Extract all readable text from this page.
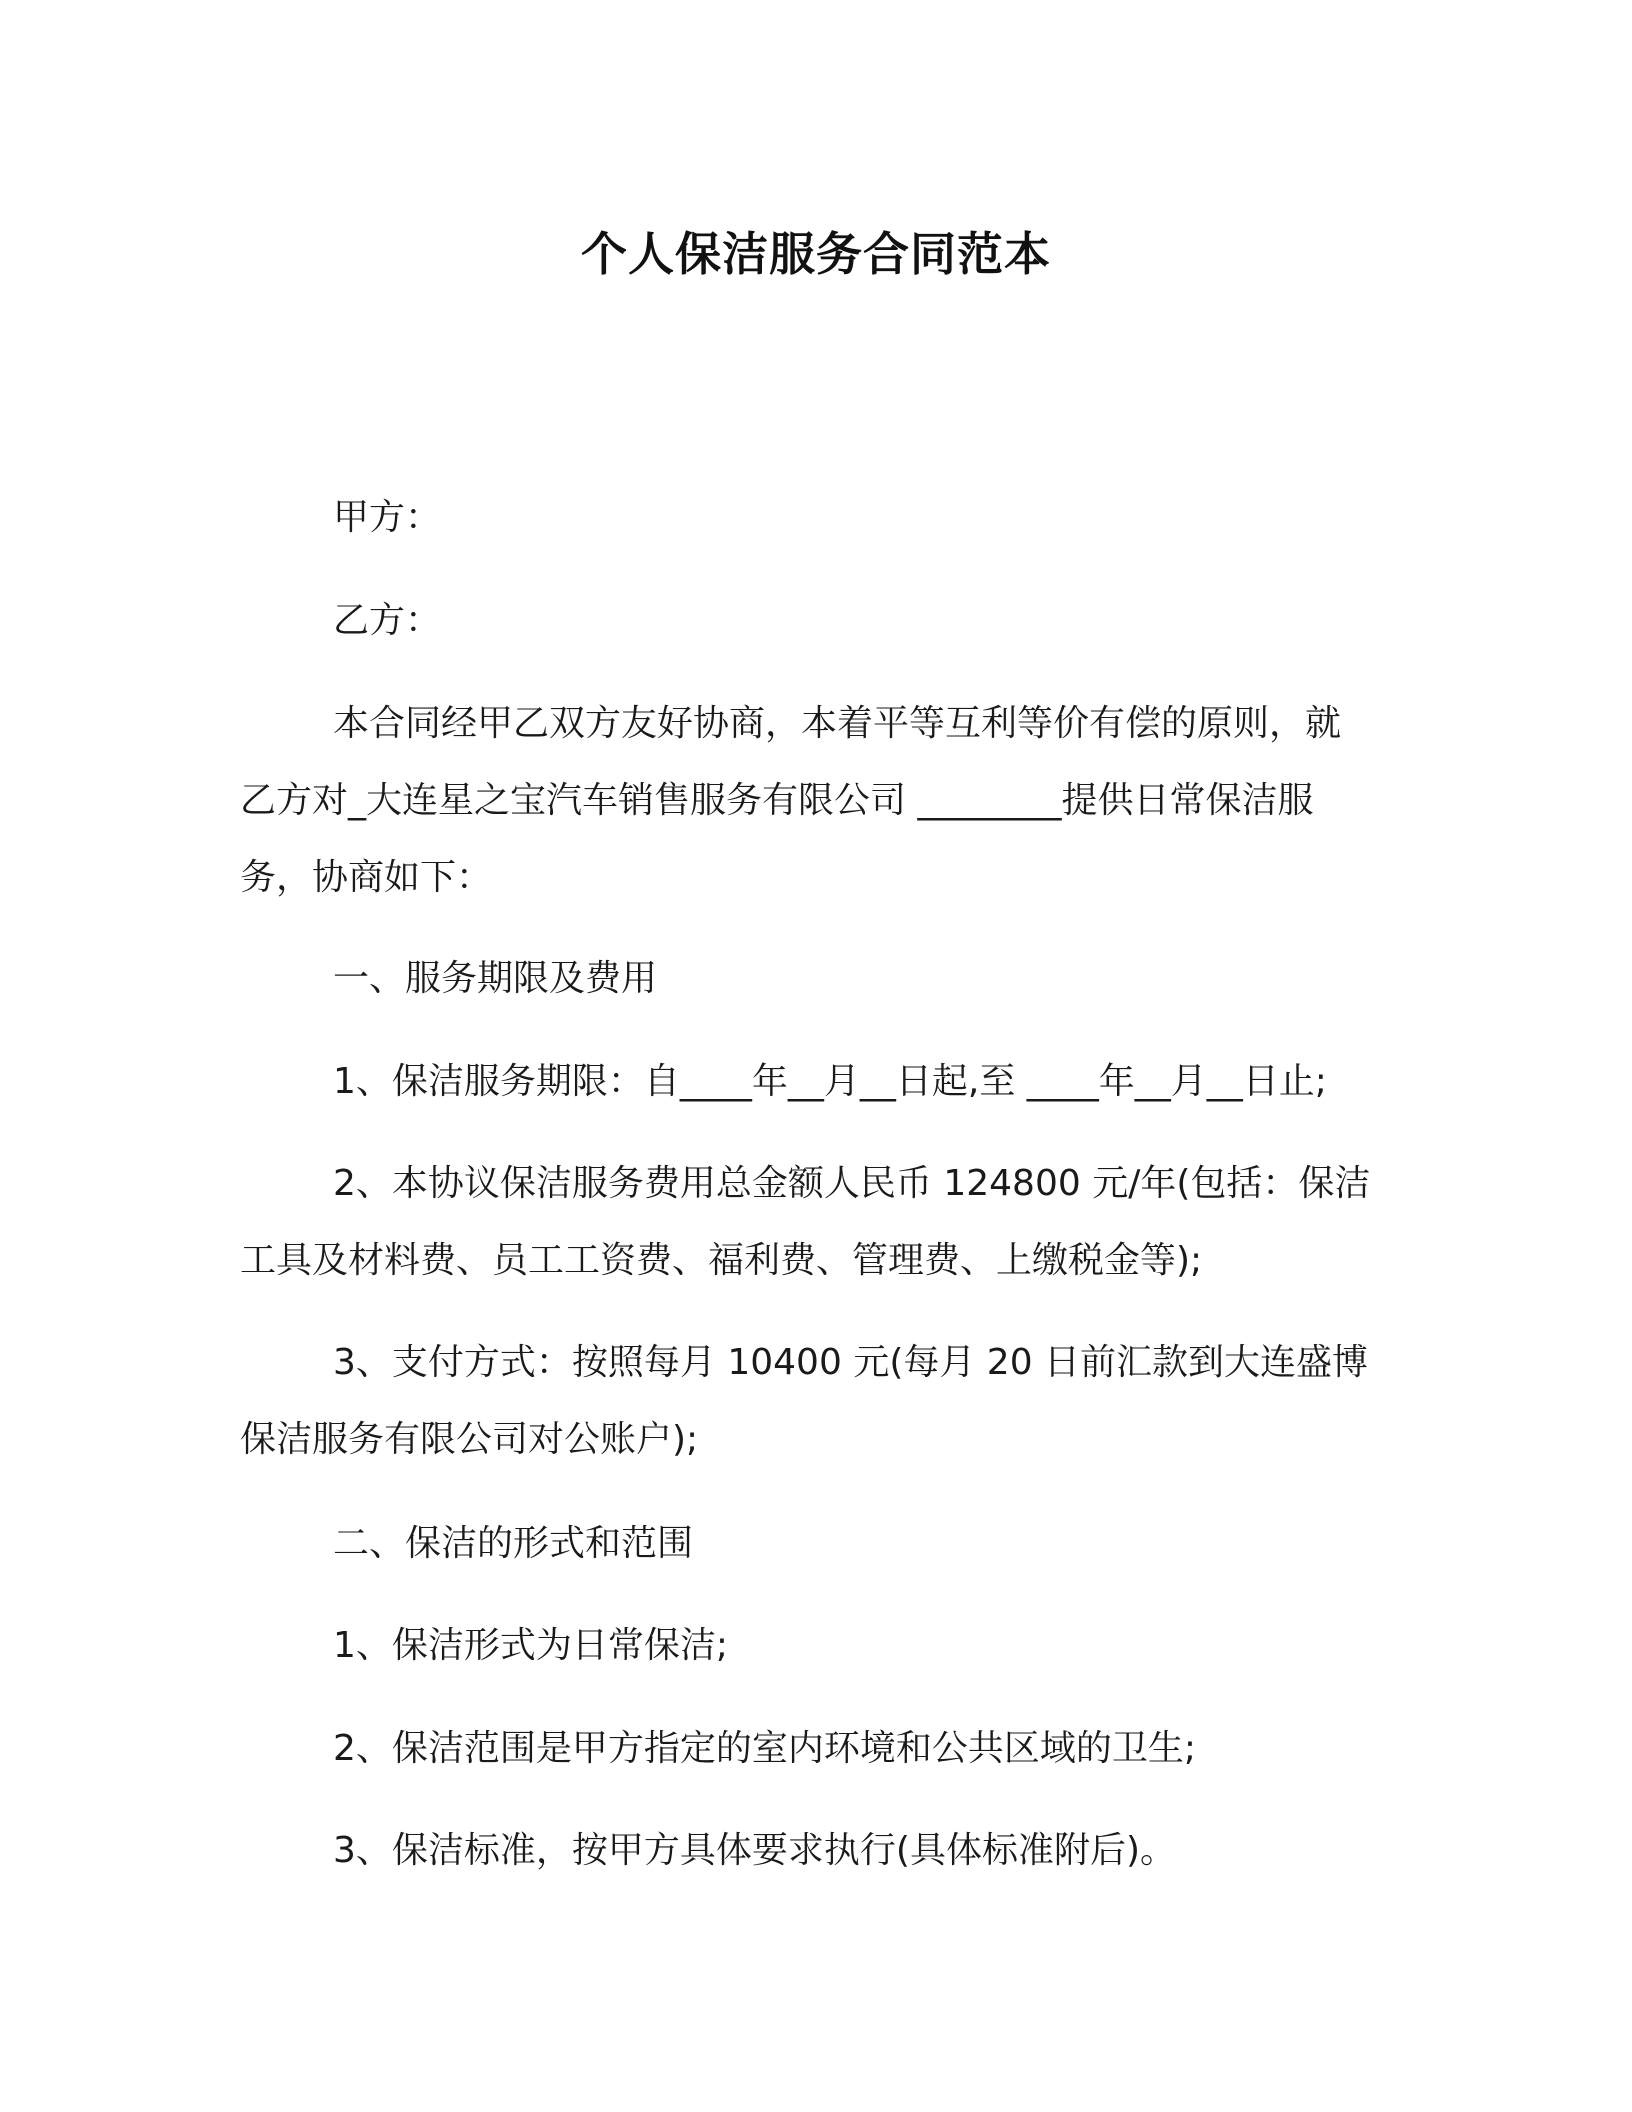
个人保洁服务合同范本
甲方：
乙方：
本合同经甲乙双方友好协商，本着平等互利等价有偿的原则，就
乙方对_大连星之宝汽车销售服务有限公司 ________提供日常保洁服
务，协商如下：
一、服务期限及费用
1、保洁服务期限：自____年__月__日起,至 ____年__月__日止;
2、本协议保洁服务费用总金额人民币 124800 元/年(包括：保洁
工具及材料费、员工工资费、福利费、管理费、上缴税金等);
3、支付方式：按照每月 10400 元(每月 20 日前汇款到大连盛博
保洁服务有限公司对公账户);
二、保洁的形式和范围
1、保洁形式为日常保洁;
2、保洁范围是甲方指定的室内环境和公共区域的卫生;
3、保洁标准，按甲方具体要求执行(具体标准附后)。
